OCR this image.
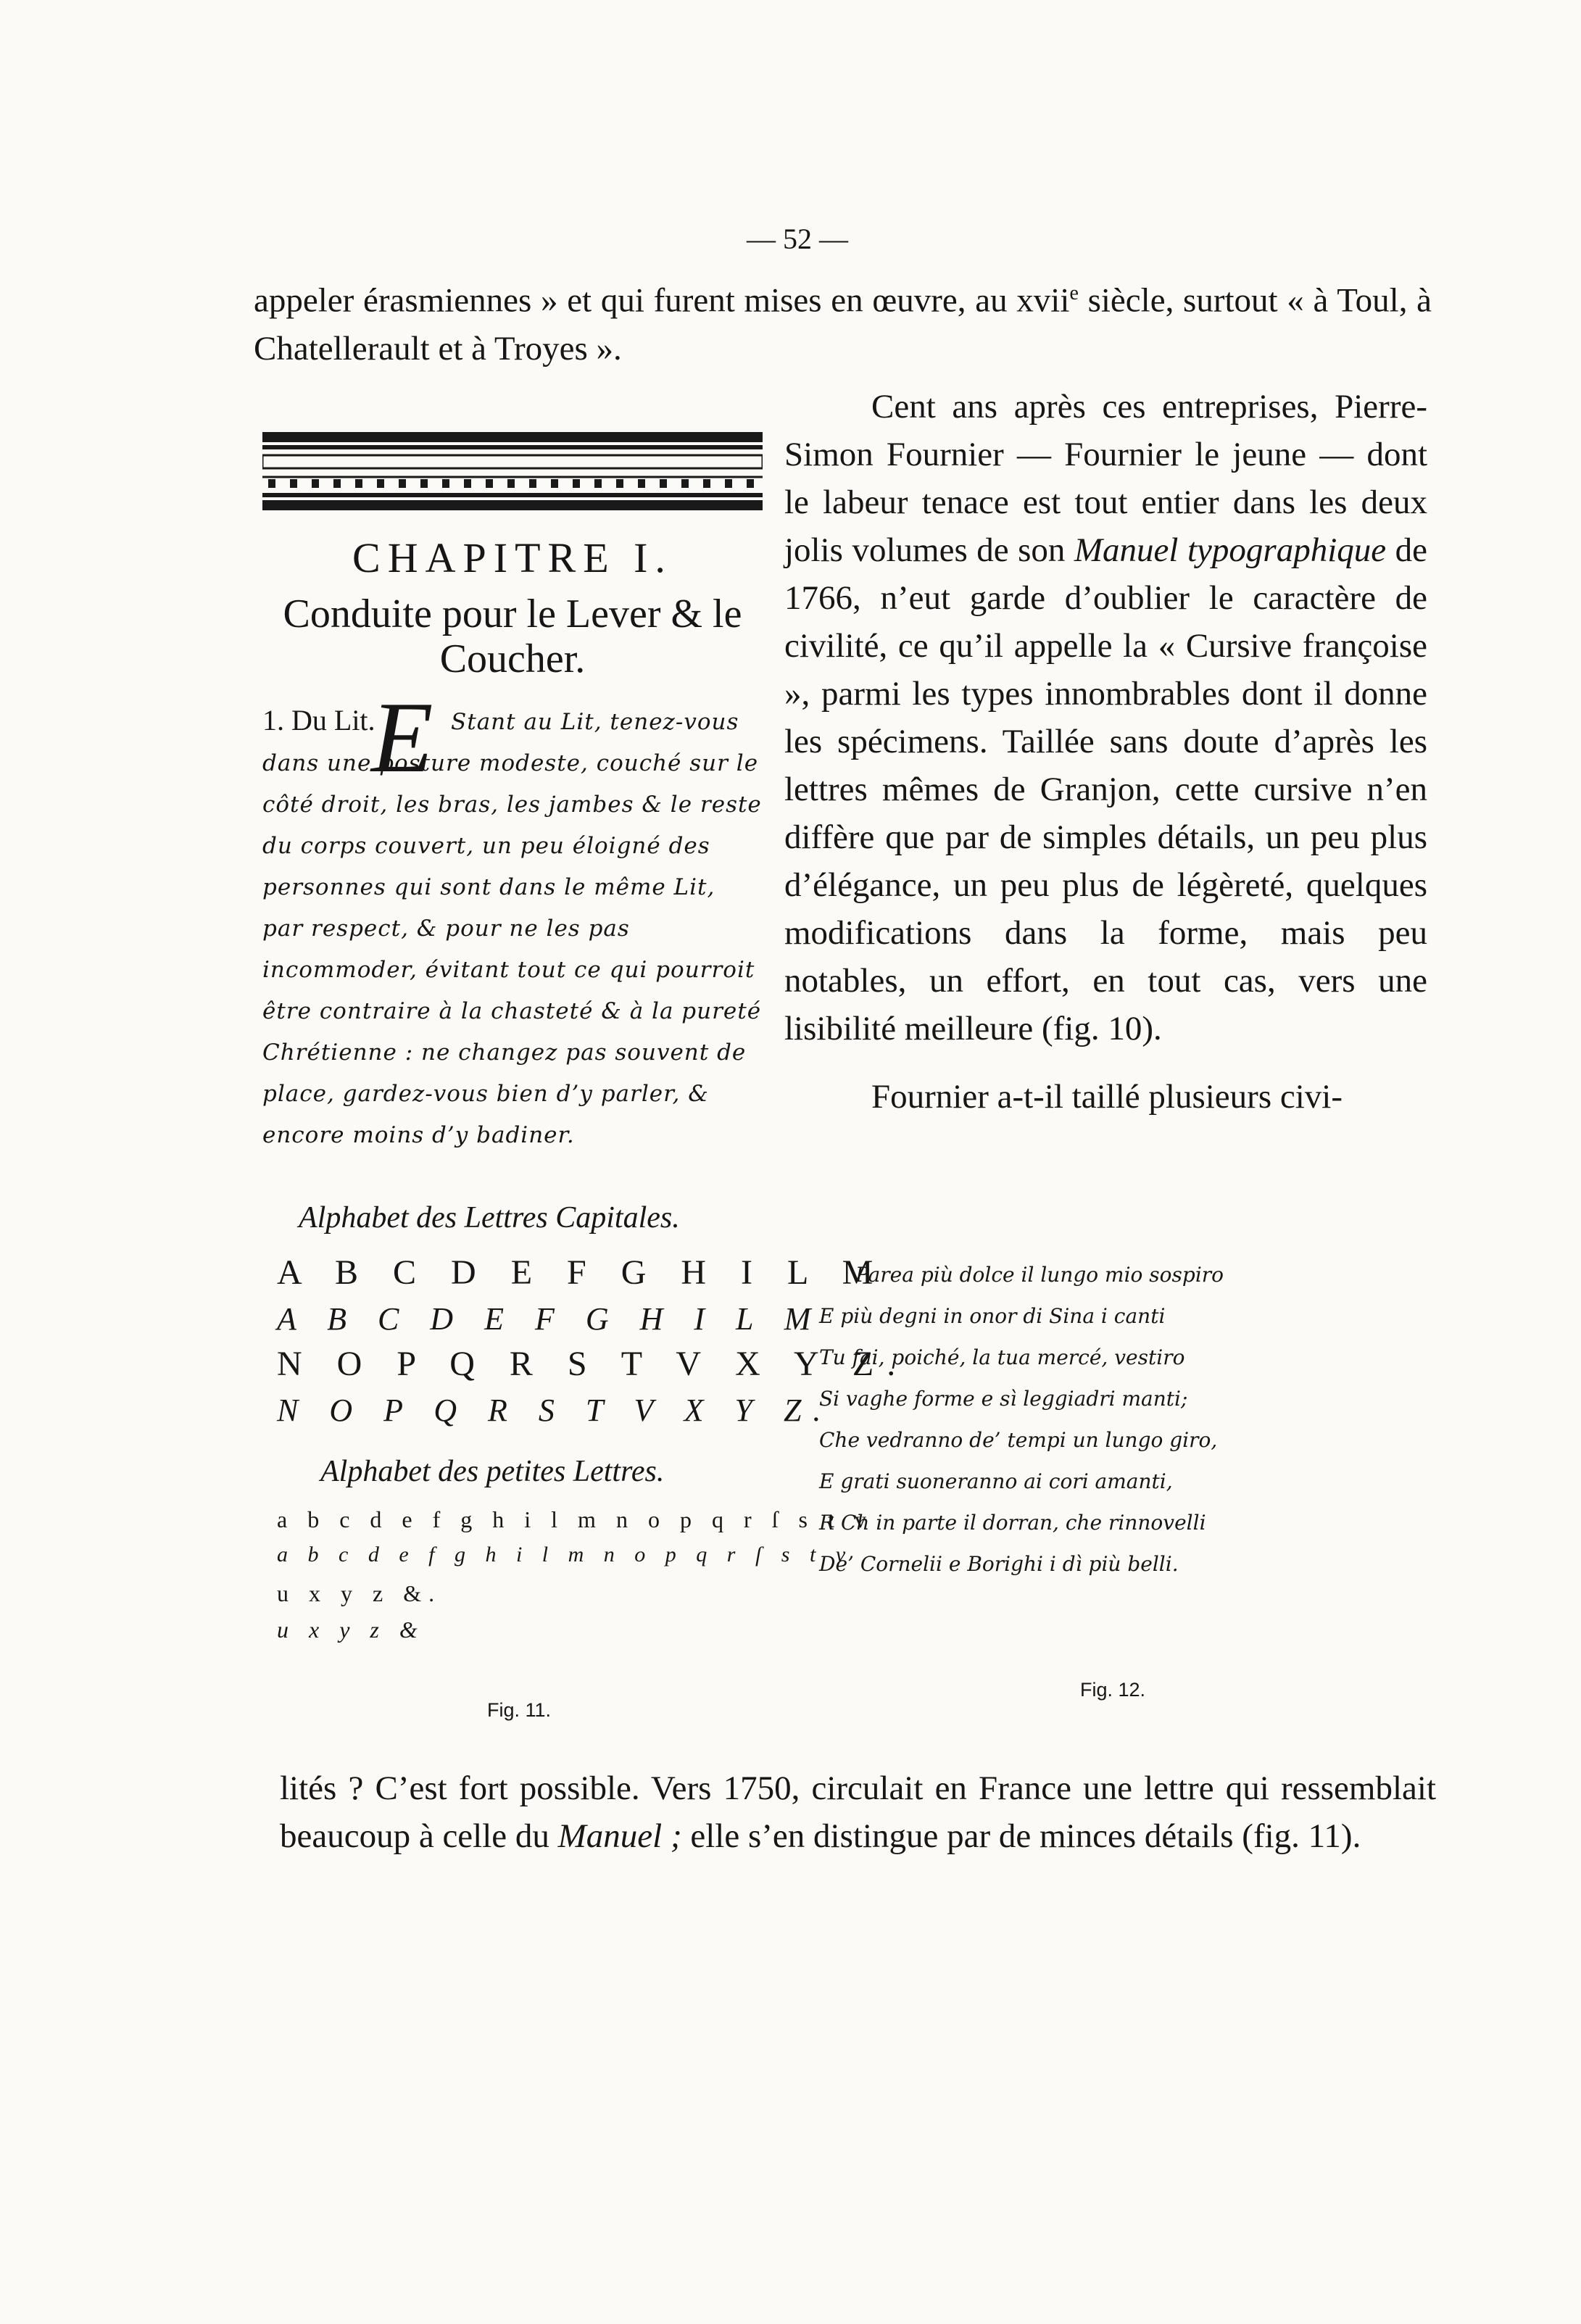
— 52 —
appeler érasmiennes » et qui furent mises en œuvre, au xvii$^e$ siècle, surtout « à Toul, à Chatellerault et à Troyes ».

Cent ans après ces entreprises, Pierre-Simon Fournier — Fournier le jeune — dont le labeur tenace est tout entier dans les deux jolis volumes de son Manuel typographique de 1766, n’eut garde d’oublier le caractère de civilité, ce qu’il appelle la « Cursive françoise », parmi les types innombrables dont il donne les spécimens. Taillée sans doute d’après les lettres mêmes de Granjon, cette cursive n’en diffère que par de simples détails, un peu plus d’élégance, un peu plus de légèreté, quelques modifications dans la forme, mais peu notables, un effort, en tout cas, vers une lisibilité meilleure (fig. 10).

Fournier a-t-il taillé plusieurs civi-

CHAPITRE I.
Conduite pour le Lever & le Coucher.
Stant au Lit, tenez-vous dans une posture modeste, couché sur le côté droit, les bras, les jambes & le reste du corps couvert, un peu éloigné des personnes qui sont dans le même Lit, par respect, & pour ne les pas incommoder, évitant tout ce qui pourroit être contraire à la chasteté & à la pureté Chrétienne : ne changez pas souvent de place, gardez-vous bien d’y parler, & encore moins d’y badiner.
1. Du Lit.
E
Alphabet des Lettres Capitales.
A B C D E F G H I L M
A B C D E F G H I L M
N O P Q R S T V X Y Z.
N O P Q R S T V X Y Z.
Alphabet des petites Lettres.
a b c d e f g h i l m n o p q r ſ s t v
a b c d e f g h i l m n o p q r ſ s t v
u x y z &.
u x y z &
Fig. 11.
Parea più dolce il lungo mio sospiro
E più degni in onor di Sina i canti
Tu fai, poiché, la tua mercé, vestiro
Si vaghe forme e sì leggiadri manti;
Che vedranno de’ tempi un lungo giro,
E grati suoneranno ai cori amanti,
R Ch in parte il dorran, che rinnovelli
De’ Cornelii e Borighi i dì più belli.
Fig. 12.
lités ? C’est fort possible. Vers 1750, circulait en France une lettre qui ressemblait beaucoup à celle du Manuel ; elle s’en distingue par de minces détails (fig. 11).
